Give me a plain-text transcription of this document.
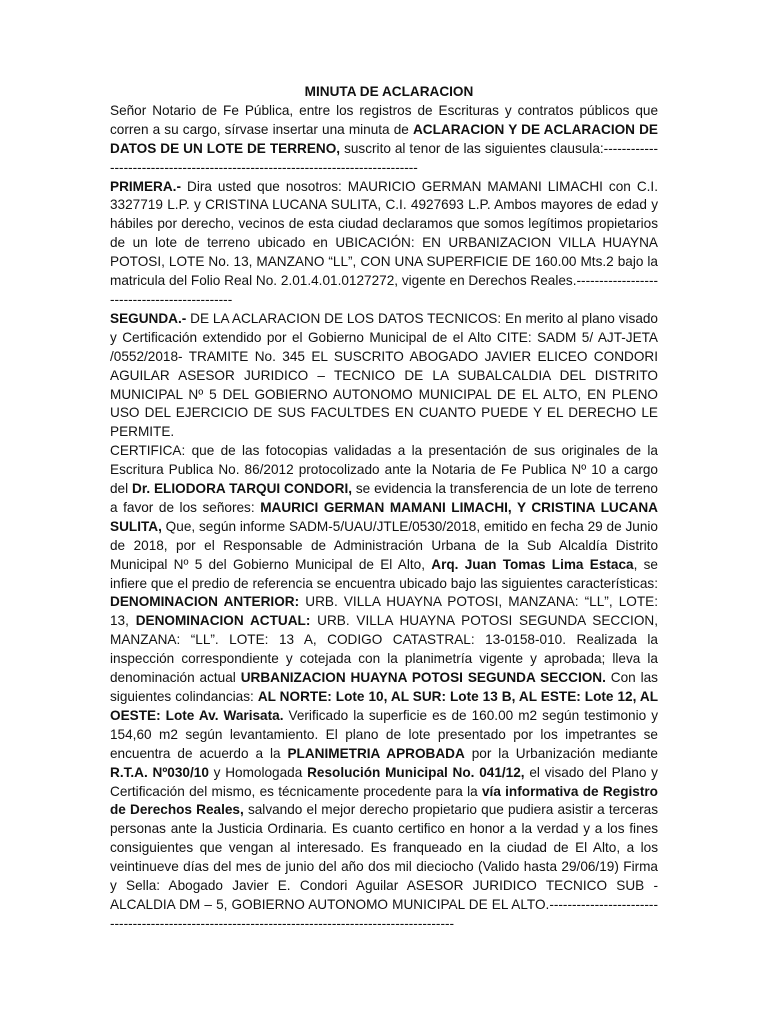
MINUTA DE ACLARACION

Señor Notario de Fe Pública, entre los registros de Escrituras y contratos públicos que corren a su cargo, sírvase insertar una minuta de ACLARACION Y DE ACLARACION DE DATOS DE UN LOTE DE TERRENO, suscrito al tenor de las siguientes clausula:--------------------------------------------------------------------------------

PRIMERA.- Dira usted que nosotros: MAURICIO GERMAN MAMANI LIMACHI con C.I. 3327719 L.P. y CRISTINA LUCANA SULITA, C.I. 4927693 L.P. Ambos mayores de edad y hábiles por derecho, vecinos de esta ciudad declaramos que somos legítimos propietarios de un lote de terreno ubicado en UBICACIÓN: EN URBANIZACION VILLA HUAYNA POTOSI, LOTE No. 13, MANZANO “LL”, CON UNA SUPERFICIE DE 160.00 Mts.2 bajo la matricula del Folio Real No. 2.01.4.01.0127272, vigente en Derechos Reales.---------------------------------------------

SEGUNDA.- DE LA ACLARACION DE LOS DATOS TECNICOS: En merito al plano visado y Certificación extendido por el Gobierno Municipal de el Alto CITE: SADM 5/ AJT-JETA /0552/2018- TRAMITE No. 345 EL SUSCRITO ABOGADO JAVIER ELICEO CONDORI AGUILAR ASESOR JURIDICO – TECNICO DE LA SUBALCALDIA DEL DISTRITO MUNICIPAL Nº 5 DEL GOBIERNO AUTONOMO MUNICIPAL DE EL ALTO, EN PLENO USO DEL EJERCICIO DE SUS FACULTDES EN CUANTO PUEDE Y EL DERECHO LE PERMITE.

CERTIFICA: que de las fotocopias validadas a la presentación de sus originales de la Escritura Publica No. 86/2012 protocolizado ante la Notaria de Fe Publica Nº 10 a cargo del Dr. ELIODORA TARQUI CONDORI, se evidencia la transferencia de un lote de terreno a favor de los señores: MAURICI GERMAN MAMANI LIMACHI, Y CRISTINA LUCANA SULITA, Que, según informe SADM-5/UAU/JTLE/0530/2018, emitido en fecha 29 de Junio de 2018, por el Responsable de Administración Urbana de la Sub Alcaldía Distrito Municipal Nº 5 del Gobierno Municipal de El Alto, Arq. Juan Tomas Lima Estaca, se infiere que el predio de referencia se encuentra ubicado bajo las siguientes características: DENOMINACION ANTERIOR: URB. VILLA HUAYNA POTOSI, MANZANA: “LL”, LOTE: 13, DENOMINACION ACTUAL: URB. VILLA HUAYNA POTOSI SEGUNDA SECCION, MANZANA: “LL”. LOTE: 13 A, CODIGO CATASTRAL: 13-0158-010. Realizada la inspección correspondiente y cotejada con la planimetría vigente y aprobada; lleva la denominación actual URBANIZACION HUAYNA POTOSI SEGUNDA SECCION. Con las siguientes colindancias: AL NORTE: Lote 10, AL SUR: Lote 13 B, AL ESTE: Lote 12, AL OESTE: Lote Av. Warisata. Verificado la superficie es de 160.00 m2 según testimonio y 154,60 m2 según levantamiento. El plano de lote presentado por los impetrantes se encuentra de acuerdo a la PLANIMETRIA APROBADA por la Urbanización mediante R.T.A. Nº030/10 y Homologada Resolución Municipal No. 041/12, el visado del Plano y Certificación del mismo, es técnicamente procedente para la vía informativa de Registro de Derechos Reales, salvando el mejor derecho propietario que pudiera asistir a terceras personas ante la Justicia Ordinaria. Es cuanto certifico en honor a la verdad y a los fines consiguientes que vengan al interesado. Es franqueado en la ciudad de El Alto, a los veintinueve días del mes de junio del año dos mil dieciocho (Valido hasta 29/06/19) Firma y Sella: Abogado Javier E. Condori Aguilar ASESOR JURIDICO TECNICO SUB - ALCALDIA DM – 5, GOBIERNO AUTONOMO MUNICIPAL DE EL ALTO.----------------------------------------------------------------------------------------------------
